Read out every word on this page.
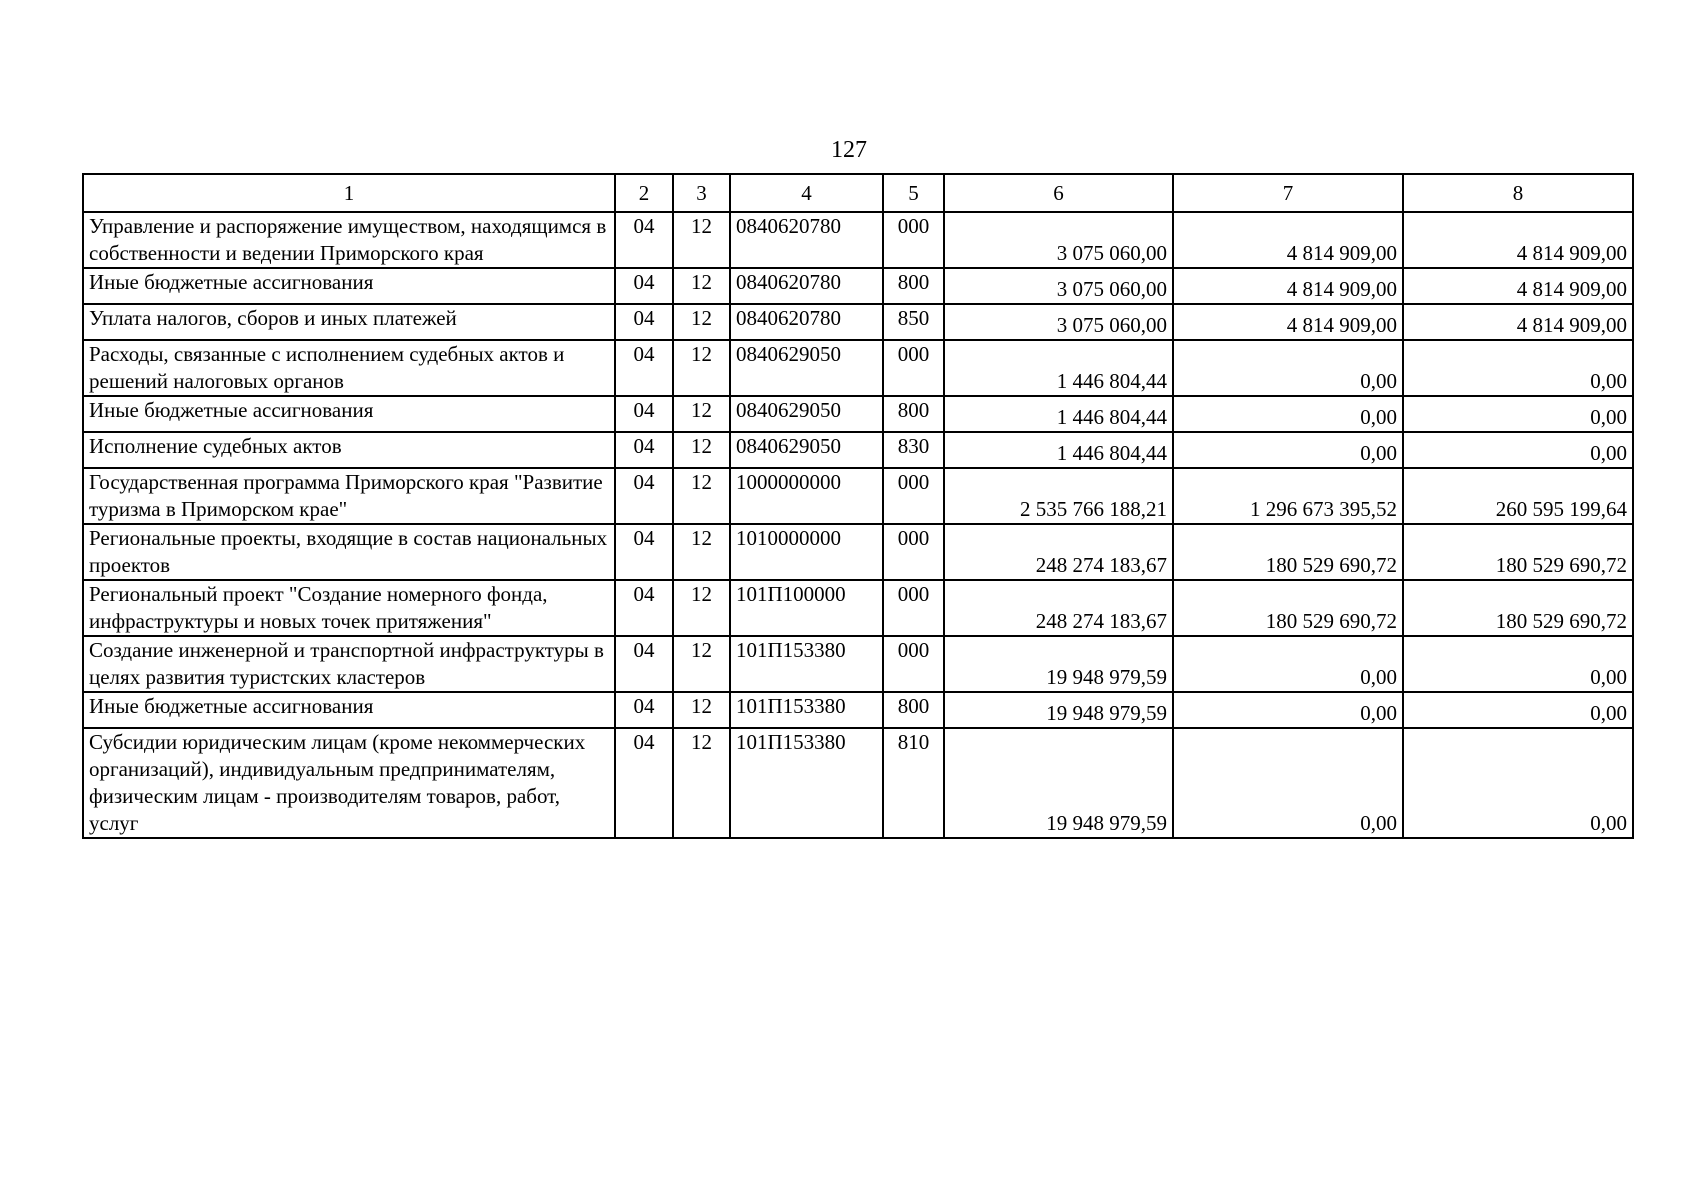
127
1	2	3	4	5	6	7	8
Управление и распоряжение имуществом, находящимся в собственности и ведении Приморского края	04	12	0840620780	000	3 075 060,00	4 814 909,00	4 814 909,00
Иные бюджетные ассигнования	04	12	0840620780	800	3 075 060,00	4 814 909,00	4 814 909,00
Уплата налогов, сборов и иных платежей	04	12	0840620780	850	3 075 060,00	4 814 909,00	4 814 909,00
Расходы, связанные с исполнением судебных актов и решений налоговых органов	04	12	0840629050	000	1 446 804,44	0,00	0,00
Иные бюджетные ассигнования	04	12	0840629050	800	1 446 804,44	0,00	0,00
Исполнение судебных актов	04	12	0840629050	830	1 446 804,44	0,00	0,00
Государственная программа Приморского края "Развитие туризма в Приморском крае"	04	12	1000000000	000	2 535 766 188,21	1 296 673 395,52	260 595 199,64
Региональные проекты, входящие в состав национальных проектов	04	12	1010000000	000	248 274 183,67	180 529 690,72	180 529 690,72
Региональный проект "Создание номерного фонда, инфраструктуры и новых точек притяжения"	04	12	101П100000	000	248 274 183,67	180 529 690,72	180 529 690,72
Создание инженерной и транспортной инфраструктуры в целях развития туристских кластеров	04	12	101П153380	000	19 948 979,59	0,00	0,00
Иные бюджетные ассигнования	04	12	101П153380	800	19 948 979,59	0,00	0,00
Субсидии юридическим лицам (кроме некоммерческих организаций), индивидуальным предпринимателям, физическим лицам - производителям товаров, работ, услуг	04	12	101П153380	810	19 948 979,59	0,00	0,00
